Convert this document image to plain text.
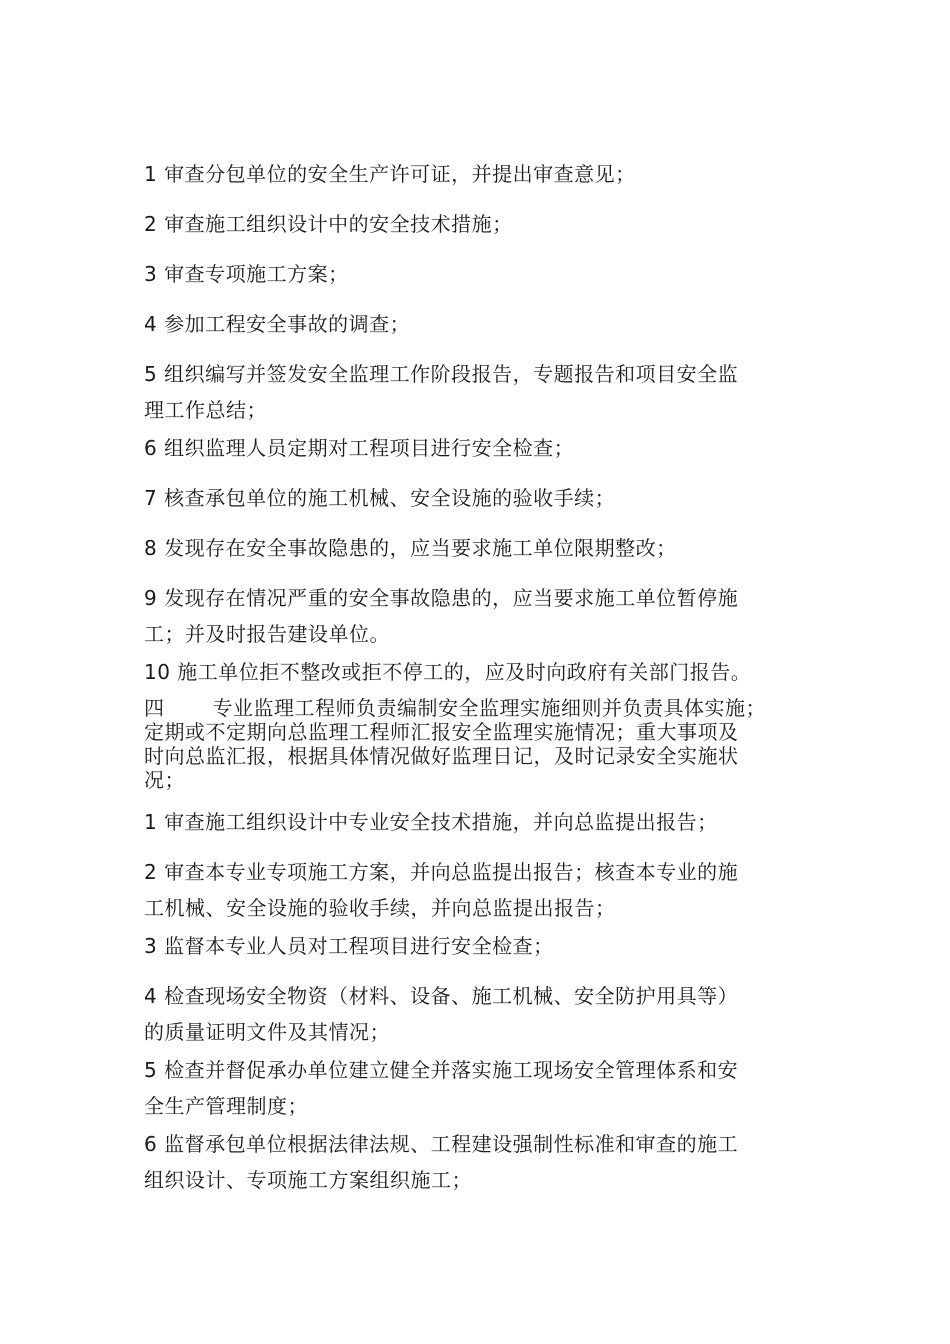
1 审查分包单位的安全生产许可证，并提出审查意见；
2 审查施工组织设计中的安全技术措施；
3 审查专项施工方案；
4 参加工程安全事故的调查；
5 组织编写并签发安全监理工作阶段报告，专题报告和项目安全监
理工作总结；
6 组织监理人员定期对工程项目进行安全检查；
7 核查承包单位的施工机械、安全设施的验收手续；
8 发现存在安全事故隐患的，应当要求施工单位限期整改；
9 发现存在情况严重的安全事故隐患的，应当要求施工单位暂停施
工；并及时报告建设单位。
10 施工单位拒不整改或拒不停工的，应及时向政府有关部门报告。
四 专业监理工程师负责编制安全监理实施细则并负责具体实施；
定期或不定期向总监理工程师汇报安全监理实施情况；重大事项及
时向总监汇报，根据具体情况做好监理日记，及时记录安全实施状
况；
1 审查施工组织设计中专业安全技术措施，并向总监提出报告；
2 审查本专业专项施工方案，并向总监提出报告；核查本专业的施
工机械、安全设施的验收手续，并向总监提出报告；
3 监督本专业人员对工程项目进行安全检查；
4 检查现场安全物资（材料、设备、施工机械、安全防护用具等）
的质量证明文件及其情况；
5 检查并督促承办单位建立健全并落实施工现场安全管理体系和安
全生产管理制度；
6 监督承包单位根据法律法规、工程建设强制性标准和审查的施工
组织设计、专项施工方案组织施工；
